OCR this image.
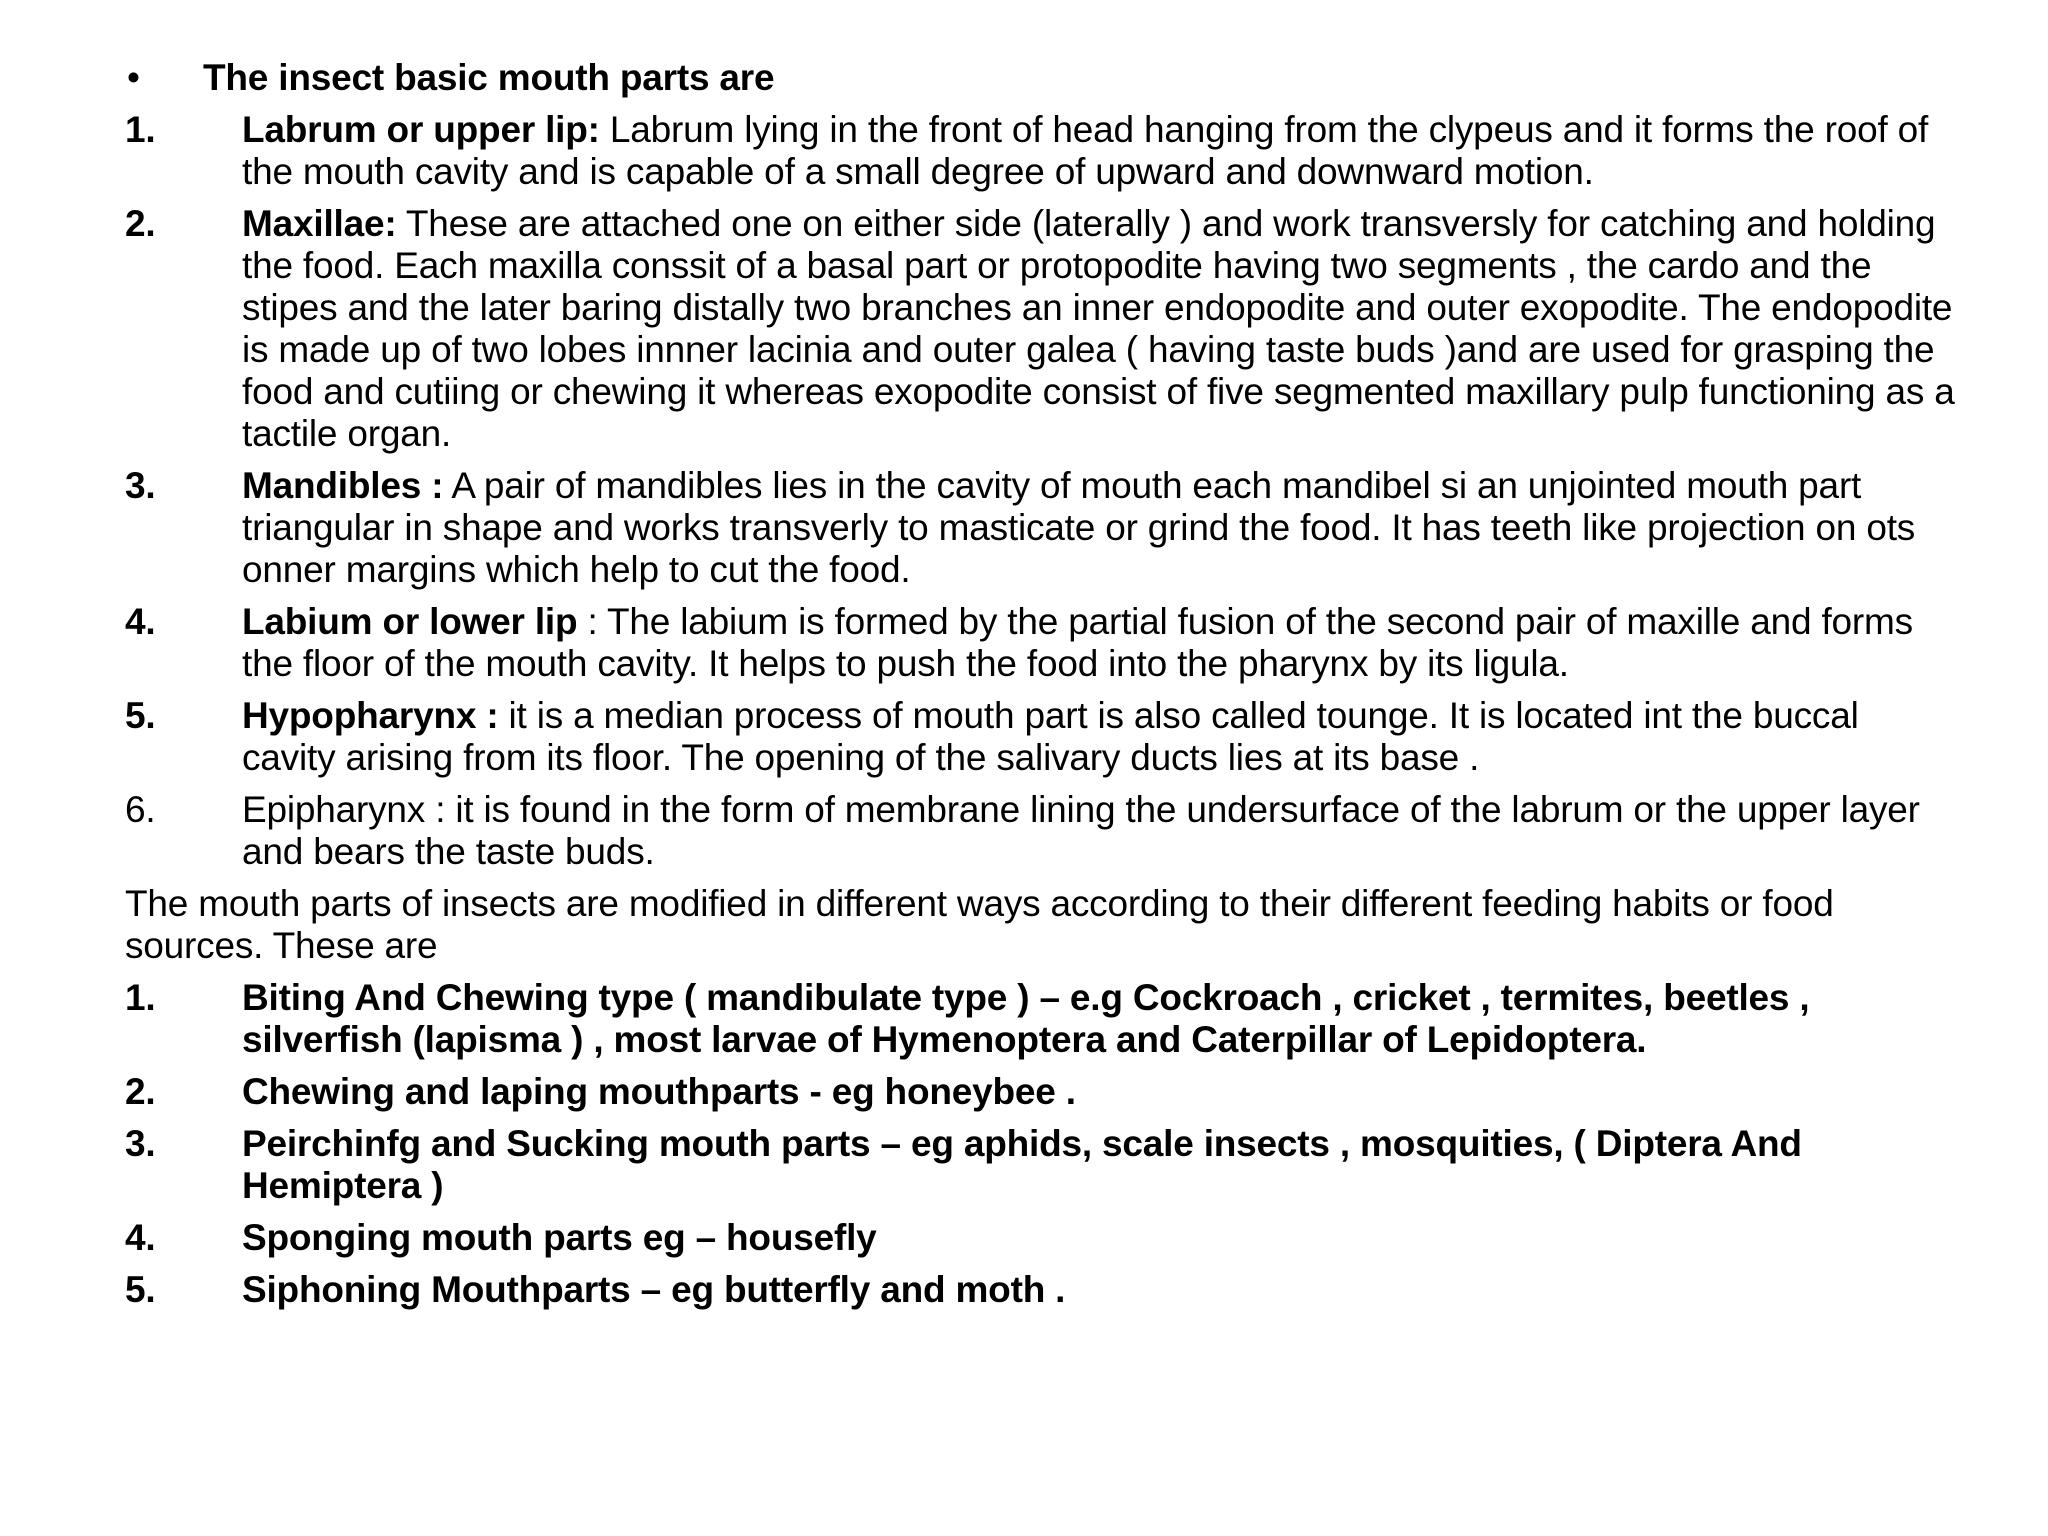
•	The insect basic mouth parts are
1.	Labrum or upper lip: Labrum lying in the front of head hanging from the clypeus and it forms the roof of the mouth cavity and is capable of a small degree of upward and downward motion.
2.	Maxillae: These are attached one on either side (laterally ) and work transversly for catching and holding the food. Each maxilla conssit of a basal part or protopodite having two segments , the cardo and the stipes and the later baring distally two branches an inner endopodite and outer exopodite. The endopodite is made up of two lobes innner lacinia and outer galea ( having taste buds )and are used for grasping the food and cutiing or chewing it whereas exopodite consist of five segmented maxillary pulp functioning as a tactile organ.
3.	Mandibles : A pair of mandibles lies in the cavity of mouth each mandibel si an unjointed mouth part triangular in shape and works transverly to masticate or grind the food. It has teeth like projection on ots onner margins which help to cut the food.
4.	Labium or lower lip : The labium is formed by the partial fusion of the second pair of maxille and forms the floor of the mouth cavity. It helps to push the food into the pharynx by its ligula.
5.	Hypopharynx : it is a median process of mouth part is also called tounge. It is located int the buccal cavity arising from its floor. The opening of the salivary ducts lies at its base .
6.	Epipharynx : it is found in the form of membrane lining the undersurface of the labrum or the upper layer and bears the taste buds.
The mouth parts of insects are modified in different ways according to their different feeding habits or food sources. These are
1.	Biting And Chewing type ( mandibulate type ) – e.g Cockroach , cricket , termites, beetles , silverfish (lapisma ) , most larvae of Hymenoptera and Caterpillar of Lepidoptera.
2.	Chewing and laping mouthparts - eg honeybee .
3.	Peirchinfg and Sucking mouth parts – eg aphids, scale insects , mosquities, ( Diptera And Hemiptera )
4.	Sponging mouth parts eg – housefly
5.	Siphoning Mouthparts – eg butterfly and moth .
